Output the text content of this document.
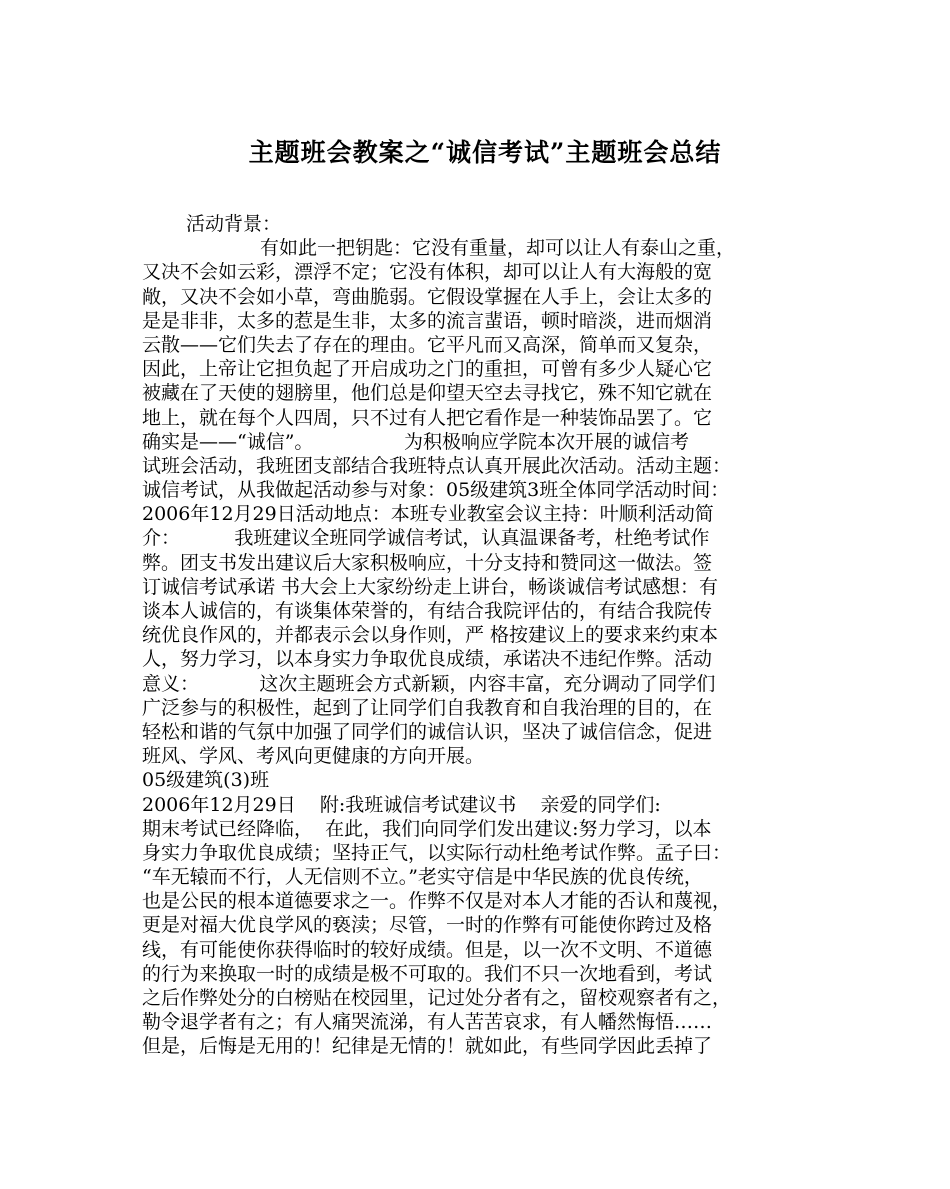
主题班会教案之“诚信考试”主题班会总结
活动背景：
有如此一把钥匙：它没有重量，却可以让人有泰山之重，
又决不会如云彩，漂浮不定；它没有体积，却可以让人有大海般的宽
敞，又决不会如小草，弯曲脆弱。它假设掌握在人手上，会让太多的
是是非非，太多的惹是生非，太多的流言蜚语，顿时暗淡，进而烟消
云散——它们失去了存在的理由。它平凡而又高深，简单而又复杂，
因此，上帝让它担负起了开启成功之门的重担，可曾有多少人疑心它
被藏在了天使的翅膀里，他们总是仰望天空去寻找它，殊不知它就在
地上，就在每个人四周，只不过有人把它看作是一种装饰品罢了。它
确实是——“诚信”。               为积极响应学院本次开展的诚信考
试班会活动，我班团支部结合我班特点认真开展此次活动。活动主题：
诚信考试，从我做起活动参与对象：05级建筑3班全体同学活动时间：
2006年12月29日活动地点：本班专业教室会议主持：叶顺利活动简
介：         我班建议全班同学诚信考试，认真温课备考，杜绝考试作
弊。团支书发出建议后大家积极响应，十分支持和赞同这一做法。签
订诚信考试承诺 书大会上大家纷纷走上讲台，畅谈诚信考试感想：有
谈本人诚信的，有谈集体荣誉的，有结合我院评估的，有结合我院传
统优良作风的，并都表示会以身作则，严 格按建议上的要求来约束本
人，努力学习，以本身实力争取优良成绩，承诺决不违纪作弊。活动
意义：          这次主题班会方式新颖，内容丰富，充分调动了同学们
广泛参与的积极性，起到了让同学们自我教育和自我治理的目的，在
轻松和谐的气氛中加强了同学们的诚信认识，坚决了诚信信念，促进
班风、学风、考风向更健康的方向开展。
05级建筑(3)班
2006年12月29日    附:我班诚信考试建议书    亲爱的同学们:
期末考试已经降临，  在此，我们向同学们发出建议:努力学习，以本
身实力争取优良成绩；坚持正气，以实际行动杜绝考试作弊。孟子曰：
“车无辕而不行，人无信则不立。”老实守信是中华民族的优良传统，
也是公民的根本道德要求之一。作弊不仅是对本人才能的否认和蔑视，
更是对福大优良学风的亵渎；尽管，一时的作弊有可能使你跨过及格
线，有可能使你获得临时的较好成绩。但是，以一次不文明、不道德
的行为来换取一时的成绩是极不可取的。我们不只一次地看到，考试
之后作弊处分的白榜贴在校园里，记过处分者有之，留校观察者有之，
勒令退学者有之；有人痛哭流涕，有人苦苦哀求，有人幡然悔悟……
但是，后悔是无用的！纪律是无情的！就如此，有些同学因此丢掉了
